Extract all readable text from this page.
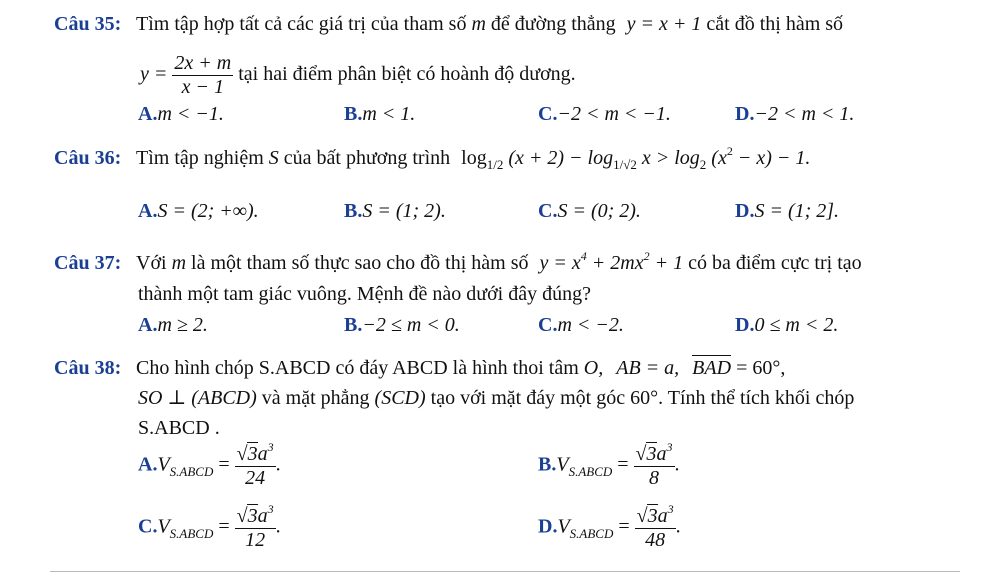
Câu 35: Tìm tập hợp tất cả các giá trị của tham số m để đường thẳng y = x + 1 cắt đồ thị hàm số
$y = \frac{2x + m}{x - 1}$ tại hai điểm phân biệt có hoành độ dương.
A.m < −1.	B.m < 1.	C.−2 < m < −1.	D.−2 < m < 1.
Câu 36: Tìm tập nghiệm S của bất phương trình $\log_{1/2} (x + 2) - \log_{1/√2} x > \log_2 (x^2 - x) - 1$.
A.S = (2; +∞).	B.S = (1; 2).	C.S = (0; 2).	D.S = (1; 2].
Câu 37: Với m là một tham số thực sao cho đồ thị hàm số $y = x^4 + 2mx^2 + 1$ có ba điểm cực trị tạo
thành một tam giác vuông. Mệnh đề nào dưới đây đúng?
A.m ≥ 2.	B.−2 ≤ m < 0.	C.m < −2.	D.0 ≤ m < 2.
Câu 38: Cho hình chóp S.ABCD có đáy ABCD là hình thoi tâm O, AB = a, BAD = 60°,
SO ⊥ (ABCD) và mặt phẳng (SCD) tạo với mặt đáy một góc 60°. Tính thể tích khối chóp
S.ABCD .
$A.V_{S.ABCD} = \frac{√3a^3}{24}$ .	$B.V_{S.ABCD} = \frac{√3a^3}{8}$ .
$C.V_{S.ABCD} = \frac{√3a^3}{12}$ .	$D.V_{S.ABCD} = \frac{√3a^3}{48}$ .
